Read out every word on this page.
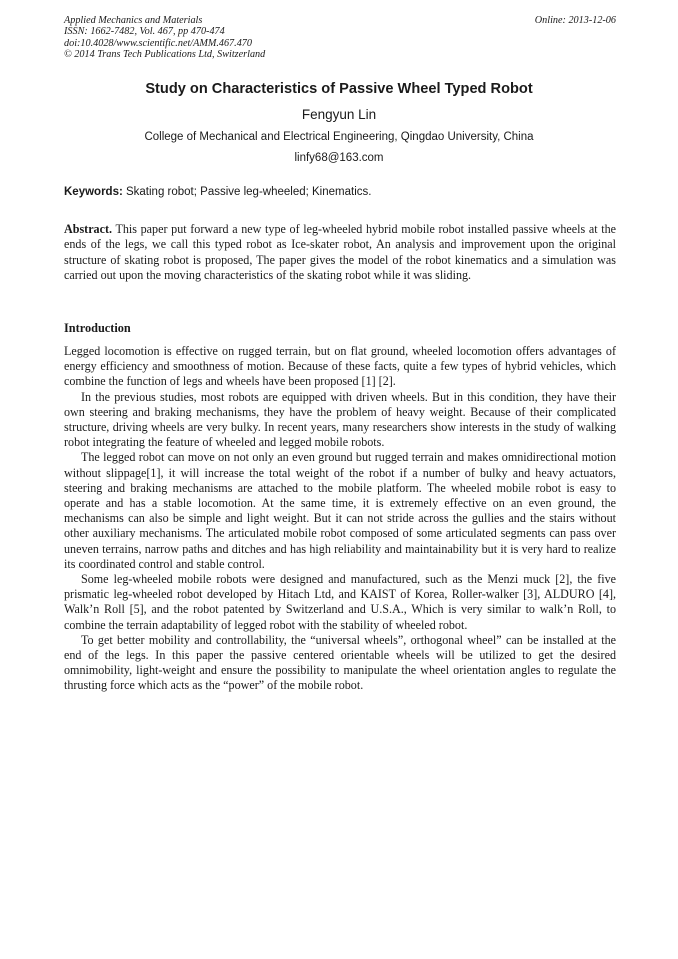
Applied Mechanics and Materials
ISSN: 1662-7482, Vol. 467, pp 470-474
doi:10.4028/www.scientific.net/AMM.467.470
© 2014 Trans Tech Publications Ltd, Switzerland
Online: 2013-12-06
Study on Characteristics of Passive Wheel Typed Robot
Fengyun Lin
College of Mechanical and Electrical Engineering, Qingdao University, China
linfy68@163.com
Keywords: Skating robot; Passive leg-wheeled; Kinematics.

Abstract. This paper put forward a new type of leg-wheeled hybrid mobile robot installed passive wheels at the ends of the legs, we call this typed robot as Ice-skater robot, An analysis and improvement upon the original structure of skating robot is proposed, The paper gives the model of the robot kinematics and a simulation was carried out upon the moving characteristics of the skating robot while it was sliding.

Introduction

Legged locomotion is effective on rugged terrain, but on flat ground, wheeled locomotion offers advantages of energy efficiency and smoothness of motion. Because of these facts, quite a few types of hybrid vehicles, which combine the function of legs and wheels have been proposed [1] [2].

In the previous studies, most robots are equipped with driven wheels. But in this condition, they have their own steering and braking mechanisms, they have the problem of heavy weight. Because of their complicated structure, driving wheels are very bulky. In recent years, many researchers show interests in the study of walking robot integrating the feature of wheeled and legged mobile robots.

The legged robot can move on not only an even ground but rugged terrain and makes omnidirectional motion without slippage[1], it will increase the total weight of the robot if a number of bulky and heavy actuators, steering and braking mechanisms are attached to the mobile platform. The wheeled mobile robot is easy to operate and has a stable locomotion. At the same time, it is extremely effective on an even ground, the mechanisms can also be simple and light weight. But it can not stride across the gullies and the stairs without other auxiliary mechanisms. The articulated mobile robot composed of some articulated segments can pass over uneven terrains, narrow paths and ditches and has high reliability and maintainability but it is very hard to realize its coordinated control and stable control.

Some leg-wheeled mobile robots were designed and manufactured, such as the Menzi muck [2], the five prismatic leg-wheeled robot developed by Hitach Ltd, and KAIST of Korea, Roller-walker [3], ALDURO [4], Walk’n Roll [5], and the robot patented by Switzerland and U.S.A., Which is very similar to walk’n Roll, to combine the terrain adaptability of legged robot with the stability of wheeled robot.

To get better mobility and controllability, the “universal wheels”, orthogonal wheel” can be installed at the end of the legs. In this paper the passive centered orientable wheels will be utilized to get the desired omnimobility, light-weight and ensure the possibility to manipulate the wheel orientation angles to regulate the thrusting force which acts as the “power” of the mobile robot.
